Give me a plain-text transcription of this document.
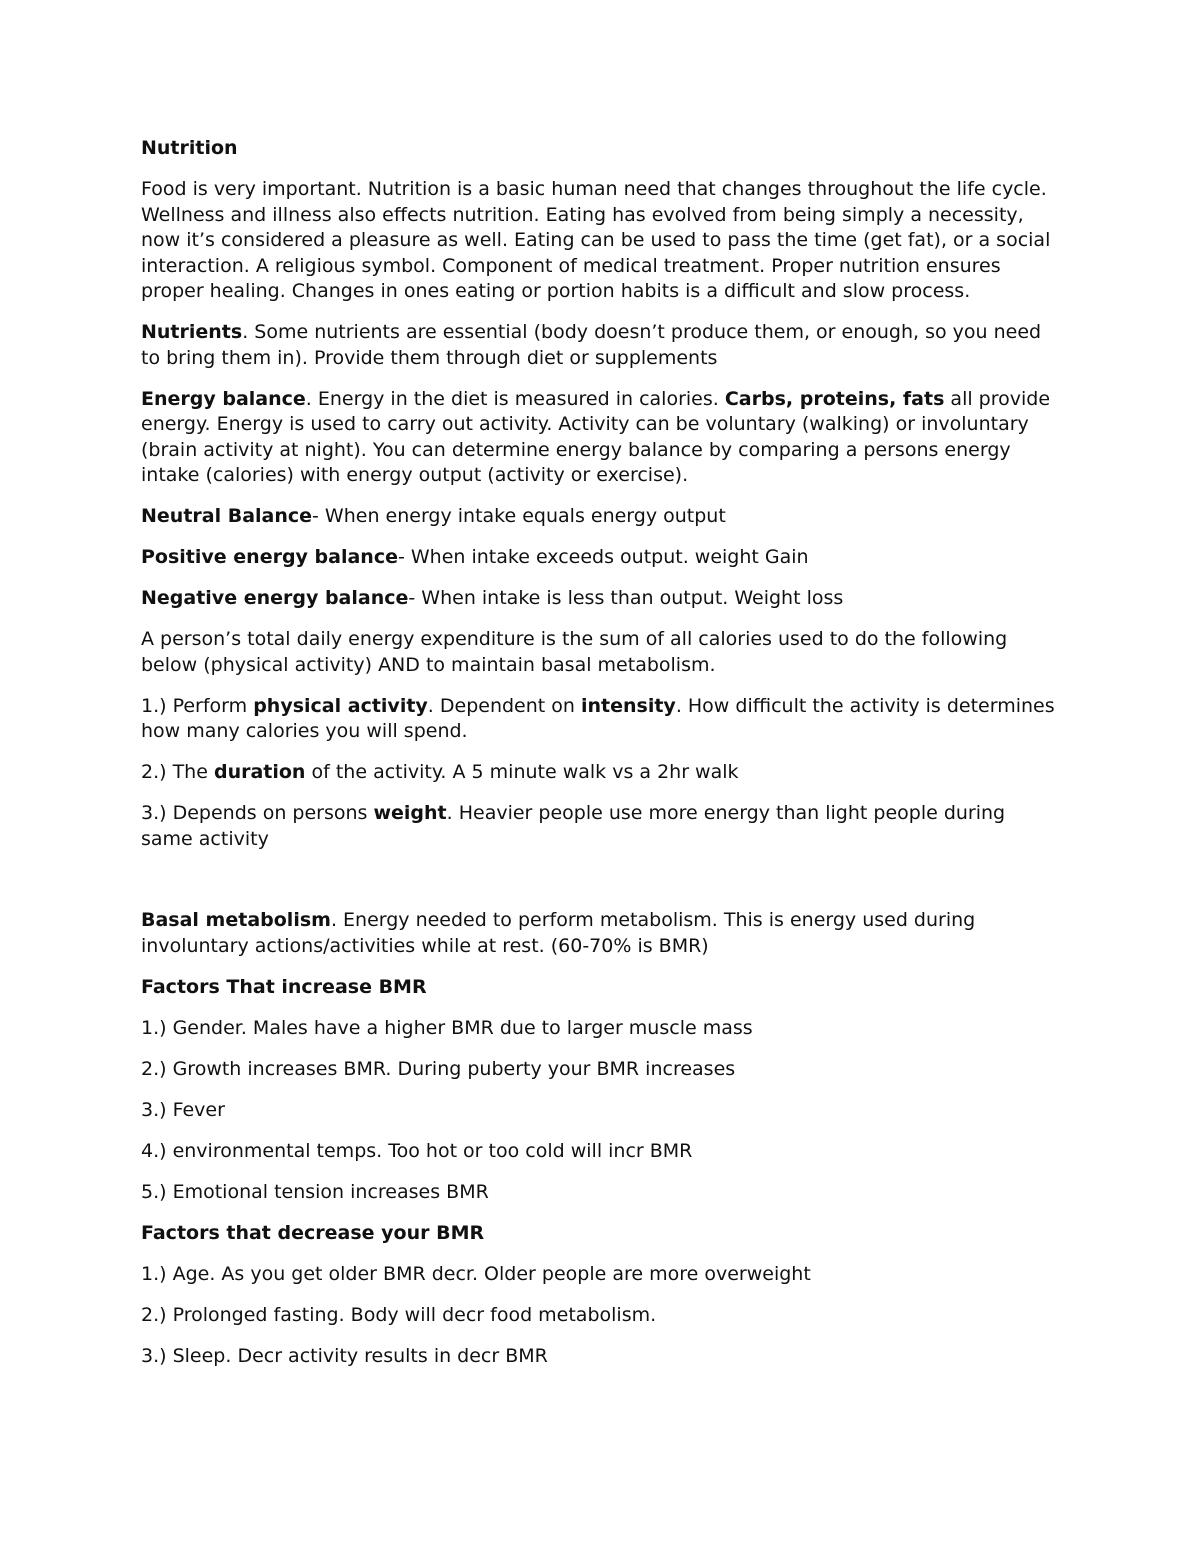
Nutrition

Food is very important. Nutrition is a basic human need that changes throughout the life cycle. Wellness and illness also effects nutrition. Eating has evolved from being simply a necessity, now it’s considered a pleasure as well. Eating can be used to pass the time (get fat), or a social interaction. A religious symbol. Component of medical treatment. Proper nutrition ensures proper healing. Changes in ones eating or portion habits is a difficult and slow process.

Nutrients. Some nutrients are essential (body doesn’t produce them, or enough, so you need to bring them in). Provide them through diet or supplements

Energy balance. Energy in the diet is measured in calories. Carbs, proteins, fats all provide energy. Energy is used to carry out activity. Activity can be voluntary (walking) or involuntary (brain activity at night). You can determine energy balance by comparing a persons energy intake (calories) with energy output (activity or exercise).

Neutral Balance- When energy intake equals energy output

Positive energy balance- When intake exceeds output. weight Gain

Negative energy balance- When intake is less than output. Weight loss

A person’s total daily energy expenditure is the sum of all calories used to do the following below (physical activity) AND to maintain basal metabolism.

1.) Perform physical activity. Dependent on intensity. How difficult the activity is determines how many calories you will spend.

2.) The duration of the activity. A 5 minute walk vs a 2hr walk

3.) Depends on persons weight. Heavier people use more energy than light people during same activity

Basal metabolism. Energy needed to perform metabolism. This is energy used during involuntary actions/activities while at rest. (60-70% is BMR)

Factors That increase BMR

1.) Gender. Males have a higher BMR due to larger muscle mass

2.) Growth increases BMR. During puberty your BMR increases

3.) Fever

4.) environmental temps. Too hot or too cold will incr BMR

5.) Emotional tension increases BMR

Factors that decrease your BMR

1.) Age. As you get older BMR decr. Older people are more overweight

2.) Prolonged fasting. Body will decr food metabolism.

3.) Sleep. Decr activity results in decr BMR
